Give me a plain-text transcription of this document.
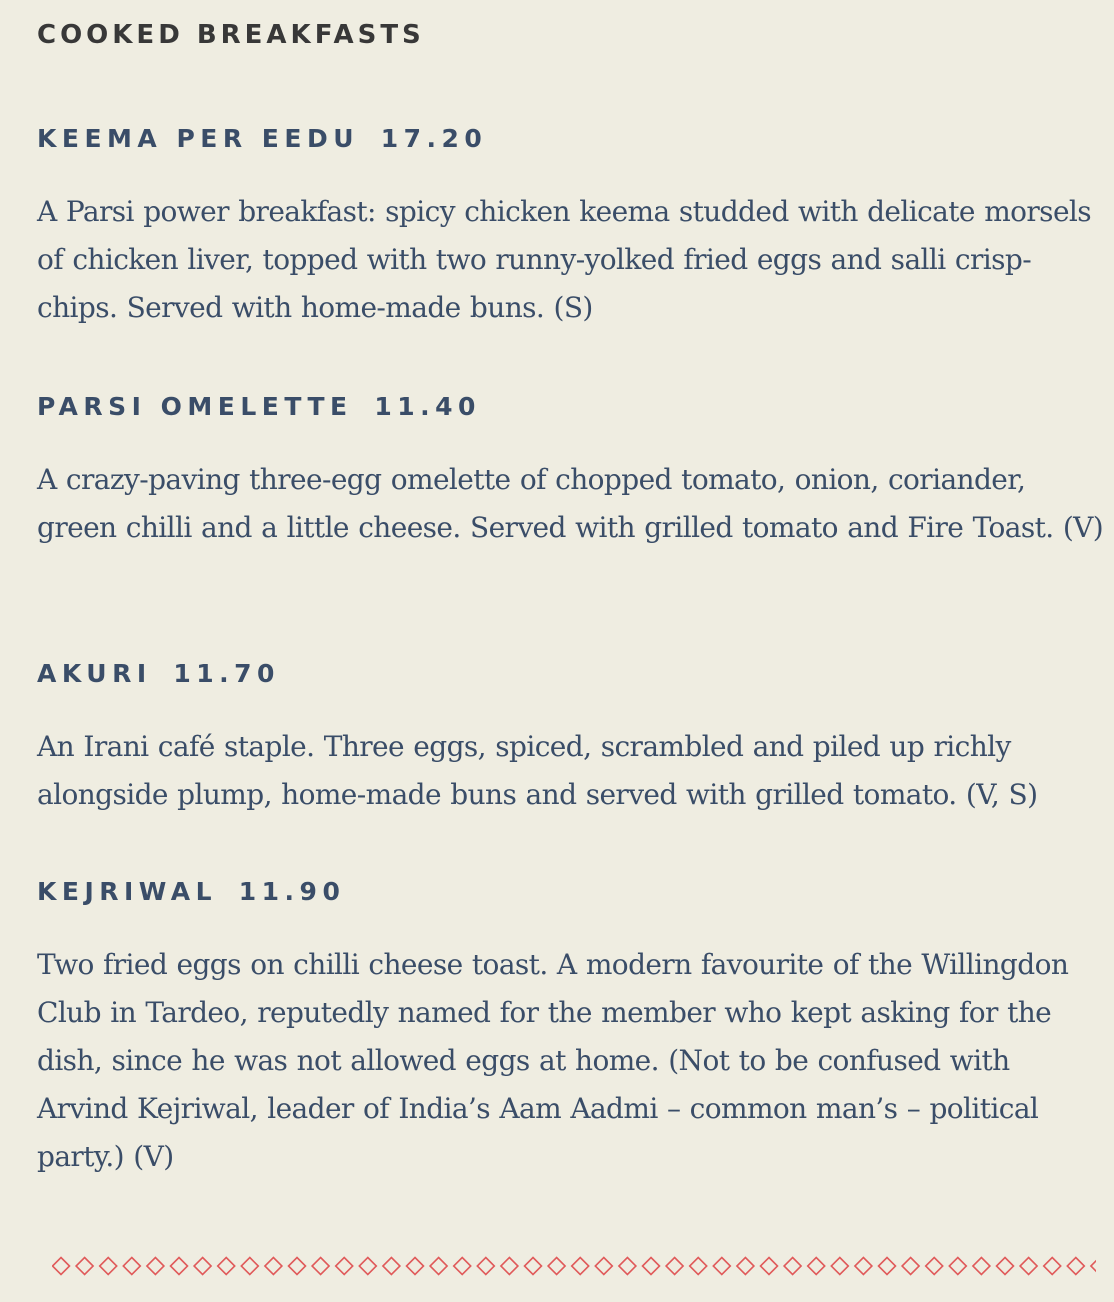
COOKED BREAKFASTS
KEEMA PER EEDU 17.20

A Parsi power breakfast: spicy chicken keema studded with delicate morsels of chicken liver, topped with two runny-yolked fried eggs and salli crisp-chips. Served with home-made buns. (S)

PARSI OMELETTE 11.40

A crazy-paving three-egg omelette of chopped tomato, onion, coriander, green chilli and a little cheese. Served with grilled tomato and Fire Toast. (V)

AKURI 11.70

An Irani café staple. Three eggs, spiced, scrambled and piled up richly alongside plump, home-made buns and served with grilled tomato. (V, S)

KEJRIWAL 11.90

Two fried eggs on chilli cheese toast. A modern favourite of the Willingdon Club in Tardeo, reputedly named for the member who kept asking for the dish, since he was not allowed eggs at home. (Not to be confused with Arvind Kejriwal, leader of India’s Aam Aadmi – common man’s – political party.) (V)
